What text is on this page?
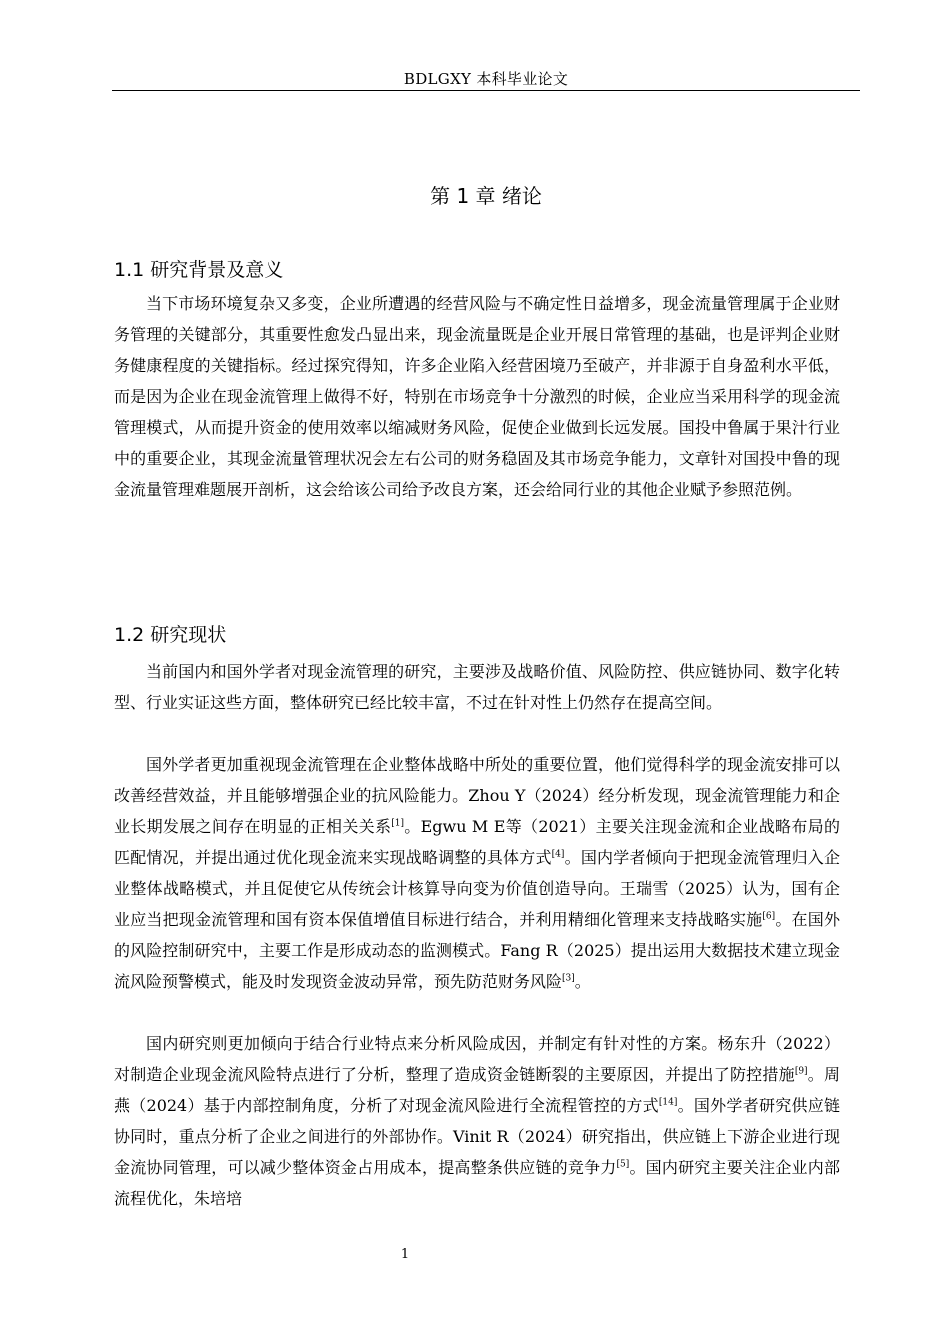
BDLGXY 本科毕业论文
第 1 章 绪论
1.1 研究背景及意义

当下市场环境复杂又多变，企业所遭遇的经营风险与不确定性日益增多，现金流量管理属于企业财务管理的关键部分，其重要性愈发凸显出来，现金流量既是企业开展日常管理的基础，也是评判企业财务健康程度的关键指标。经过探究得知，许多企业陷入经营困境乃至破产，并非源于自身盈利水平低，而是因为企业在现金流管理上做得不好，特别在市场竞争十分激烈的时候，企业应当采用科学的现金流管理模式，从而提升资金的使用效率以缩减财务风险，促使企业做到长远发展。国投中鲁属于果汁行业中的重要企业，其现金流量管理状况会左右公司的财务稳固及其市场竞争能力，文章针对国投中鲁的现金流量管理难题展开剖析，这会给该公司给予改良方案，还会给同行业的其他企业赋予参照范例。

1.2 研究现状

当前国内和国外学者对现金流管理的研究，主要涉及战略价值、风险防控、供应链协同、数字化转型、行业实证这些方面，整体研究已经比较丰富，不过在针对性上仍然存在提高空间。

国外学者更加重视现金流管理在企业整体战略中所处的重要位置，他们觉得科学的现金流安排可以改善经营效益，并且能够增强企业的抗风险能力。Zhou Y（2024）经分析发现，现金流管理能力和企业长期发展之间存在明显的正相关关系[1]。Egwu M E等（2021）主要关注现金流和企业战略布局的匹配情况，并提出通过优化现金流来实现战略调整的具体方式[4]。国内学者倾向于把现金流管理归入企业整体战略模式，并且促使它从传统会计核算导向变为价值创造导向。王瑞雪（2025）认为，国有企业应当把现金流管理和国有资本保值增值目标进行结合，并利用精细化管理来支持战略实施[6]。在国外的风险控制研究中，主要工作是形成动态的监测模式。Fang R（2025）提出运用大数据技术建立现金流风险预警模式，能及时发现资金波动异常，预先防范财务风险[3]。

国内研究则更加倾向于结合行业特点来分析风险成因，并制定有针对性的方案。杨东升（2022）对制造企业现金流风险特点进行了分析，整理了造成资金链断裂的主要原因，并提出了防控措施[9]。周燕（2024）基于内部控制角度，分析了对现金流风险进行全流程管控的方式[14]。国外学者研究供应链协同时，重点分析了企业之间进行的外部协作。Vinit R（2024）研究指出，供应链上下游企业进行现金流协同管理，可以减少整体资金占用成本，提高整条供应链的竞争力[5]。国内研究主要关注企业内部流程优化，朱培培

1
